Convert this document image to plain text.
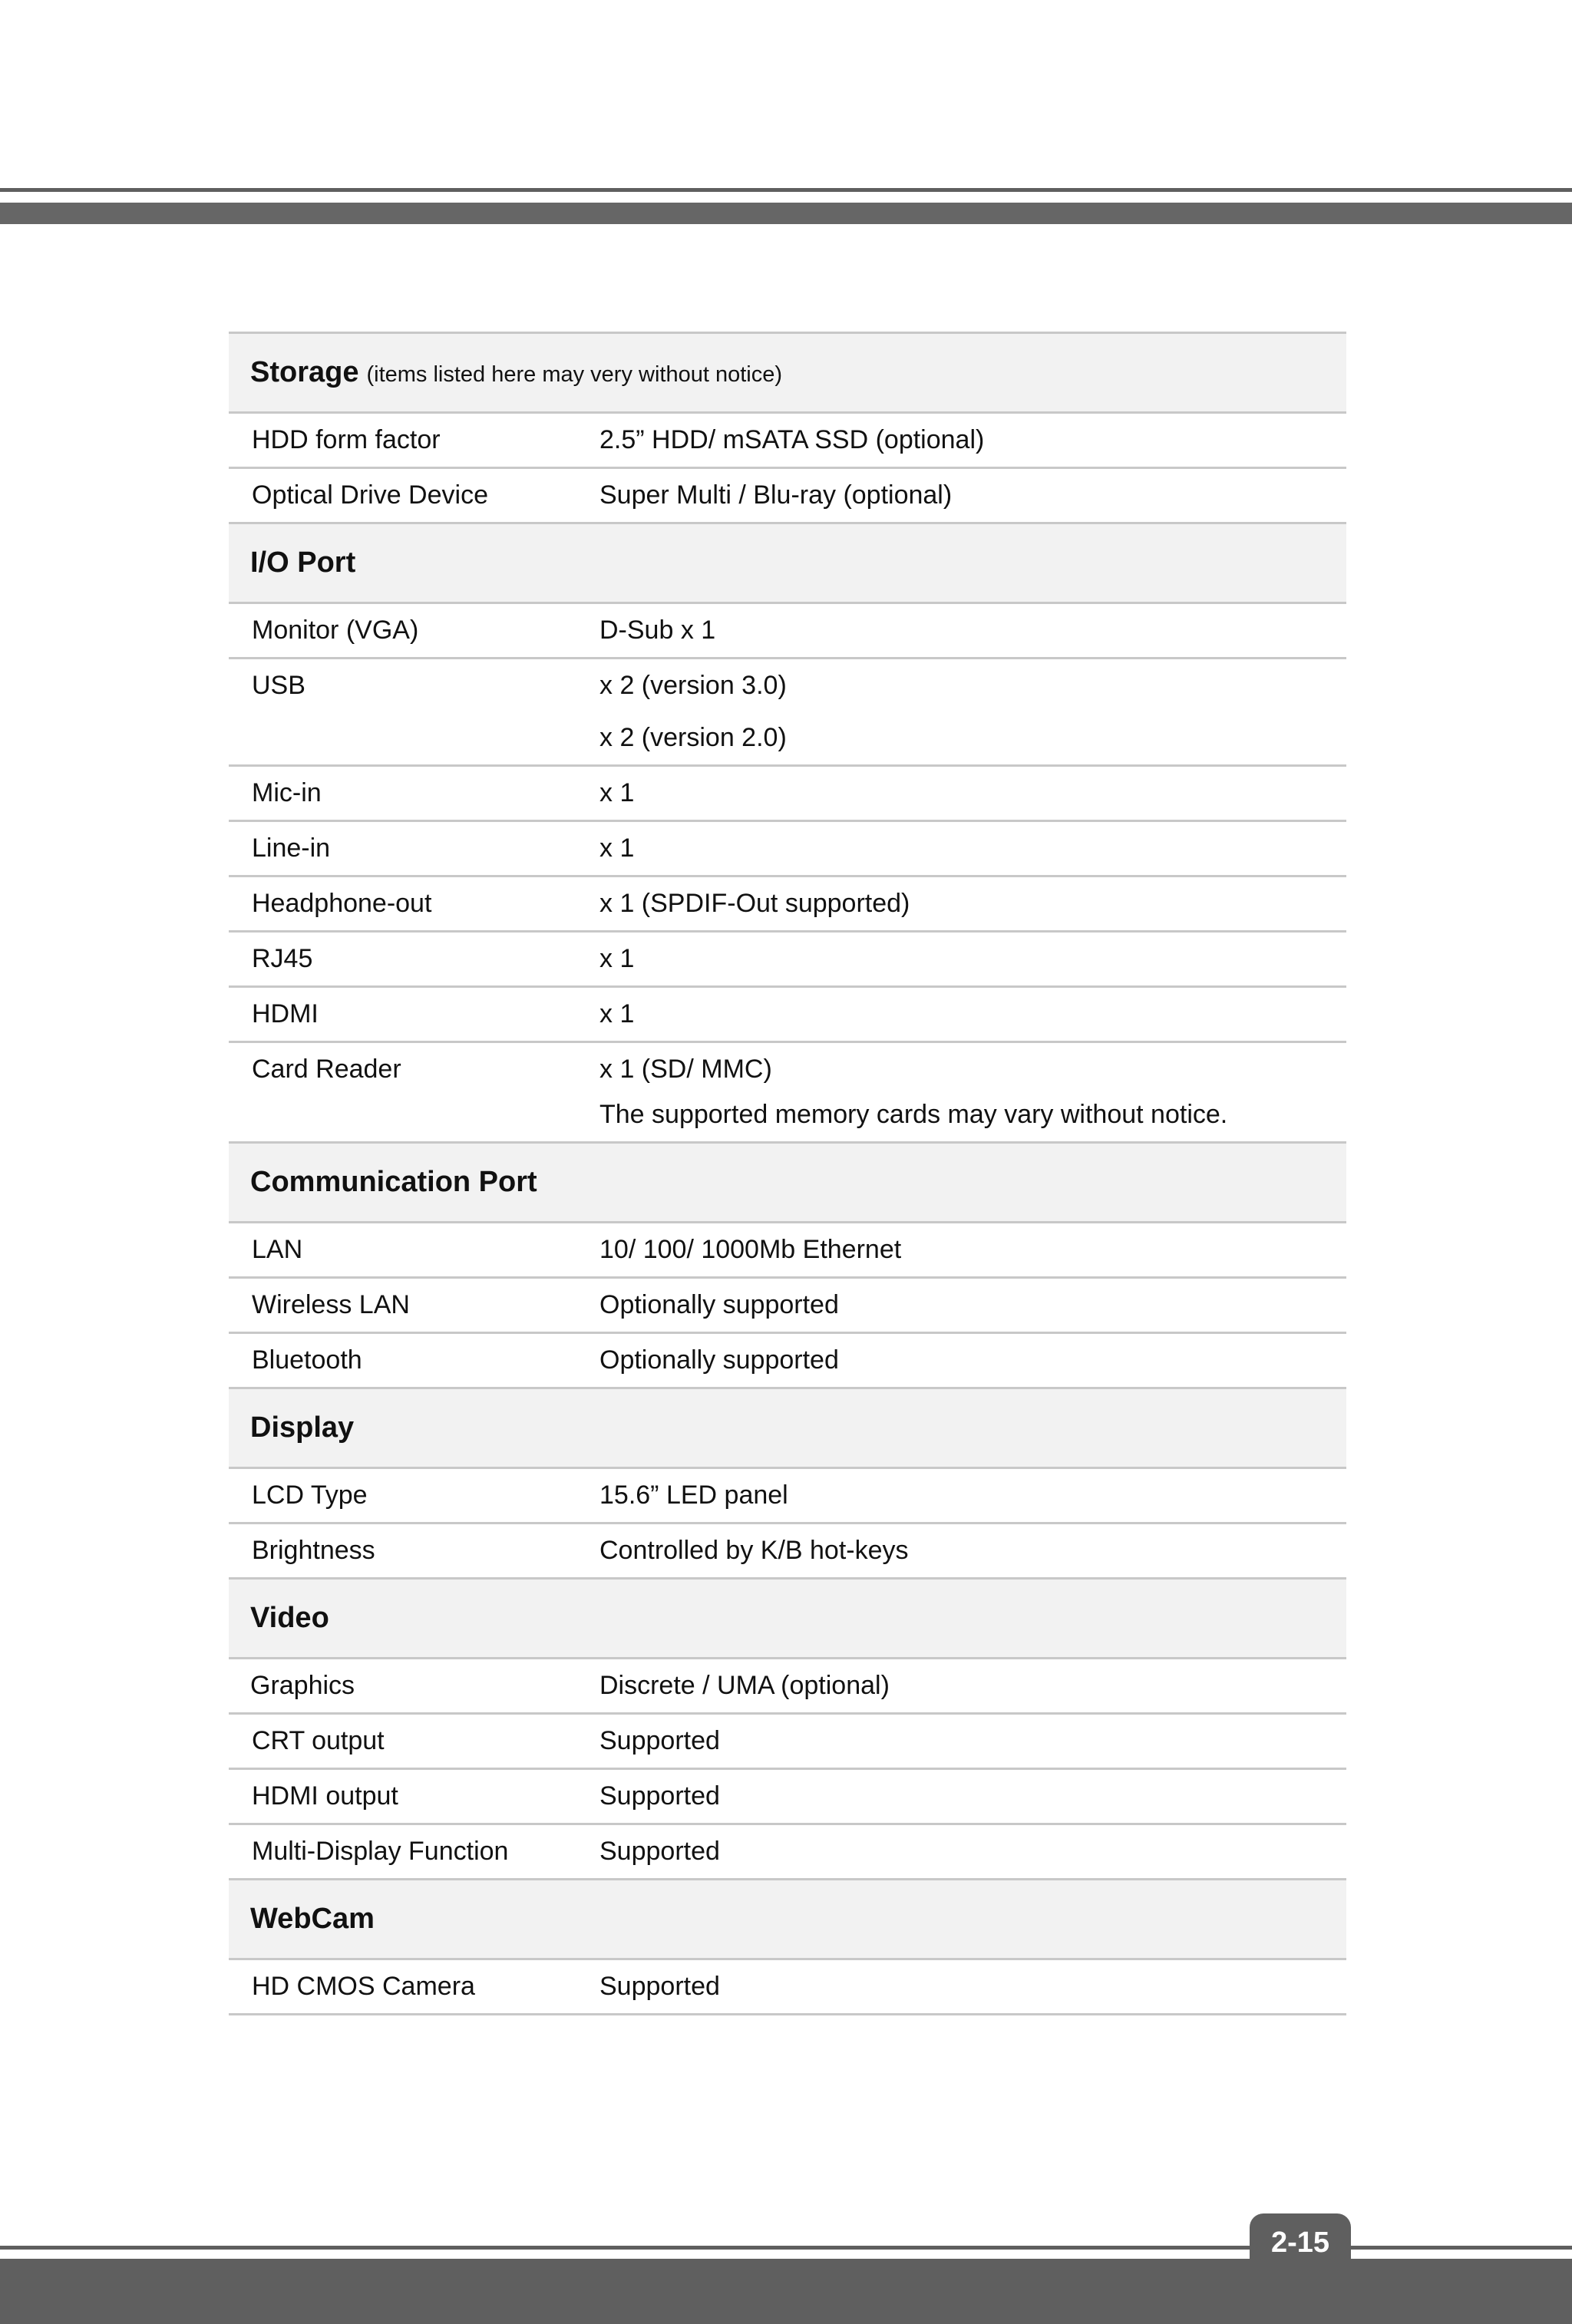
Storage (items listed here may very without notice)
HDD form factor	2.5” HDD/ mSATA SSD (optional)
Optical Drive Device	Super Multi / Blu-ray (optional)
I/O Port
Monitor (VGA)	D-Sub x 1
USB	x 2 (version 3.0)
x 2 (version 2.0)
Mic-in	x 1
Line-in	x 1
Headphone-out	x 1 (SPDIF-Out supported)
RJ45	x 1
HDMI	x 1
Card Reader	x 1 (SD/ MMC)
The supported memory cards may vary without notice.
Communication Port
LAN	10/ 100/ 1000Mb Ethernet
Wireless LAN	Optionally supported
Bluetooth	Optionally supported
Display
LCD Type	15.6” LED panel
Brightness	Controlled by K/B hot-keys
Video
Graphics	Discrete / UMA (optional)
CRT output	Supported
HDMI output	Supported
Multi-Display Function	Supported
WebCam
HD CMOS Camera	Supported
2-15
